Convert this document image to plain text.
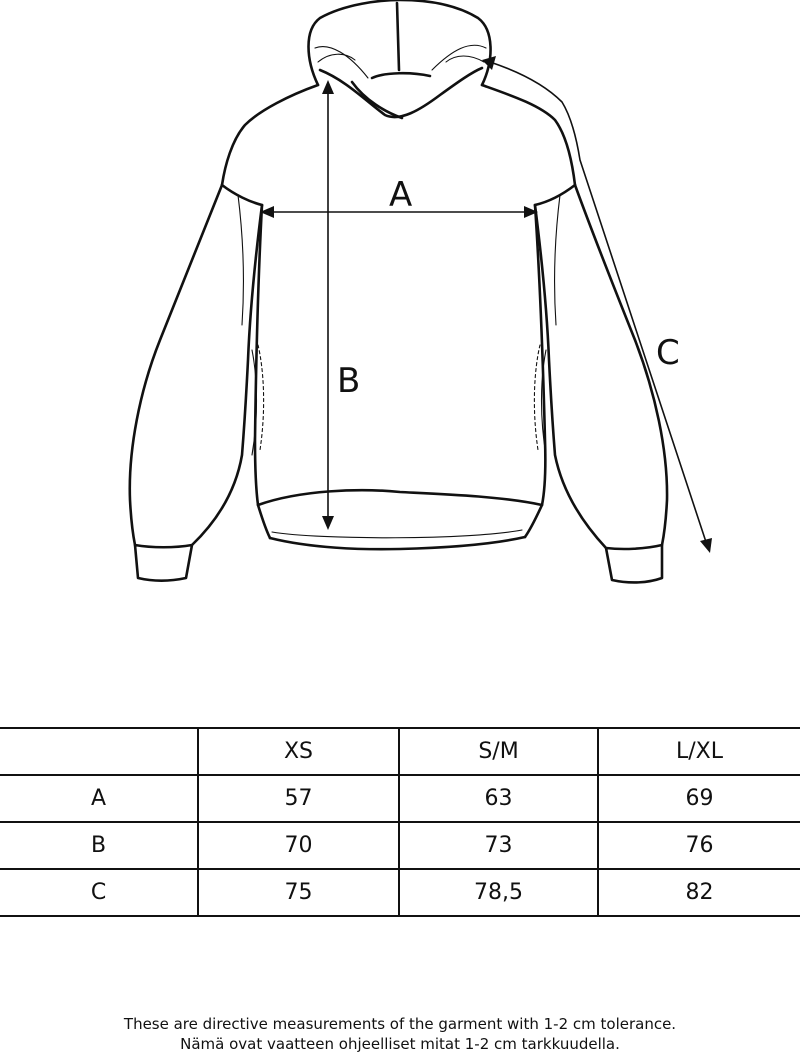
A
B
C
	XS	S/M	L/XL
A	57	63	69
B	70	73	76
C	75	78,5	82
These are directive measurements of the garment with 1-2 cm tolerance.
Nämä ovat vaatteen ohjeelliset mitat 1-2 cm tarkkuudella.
